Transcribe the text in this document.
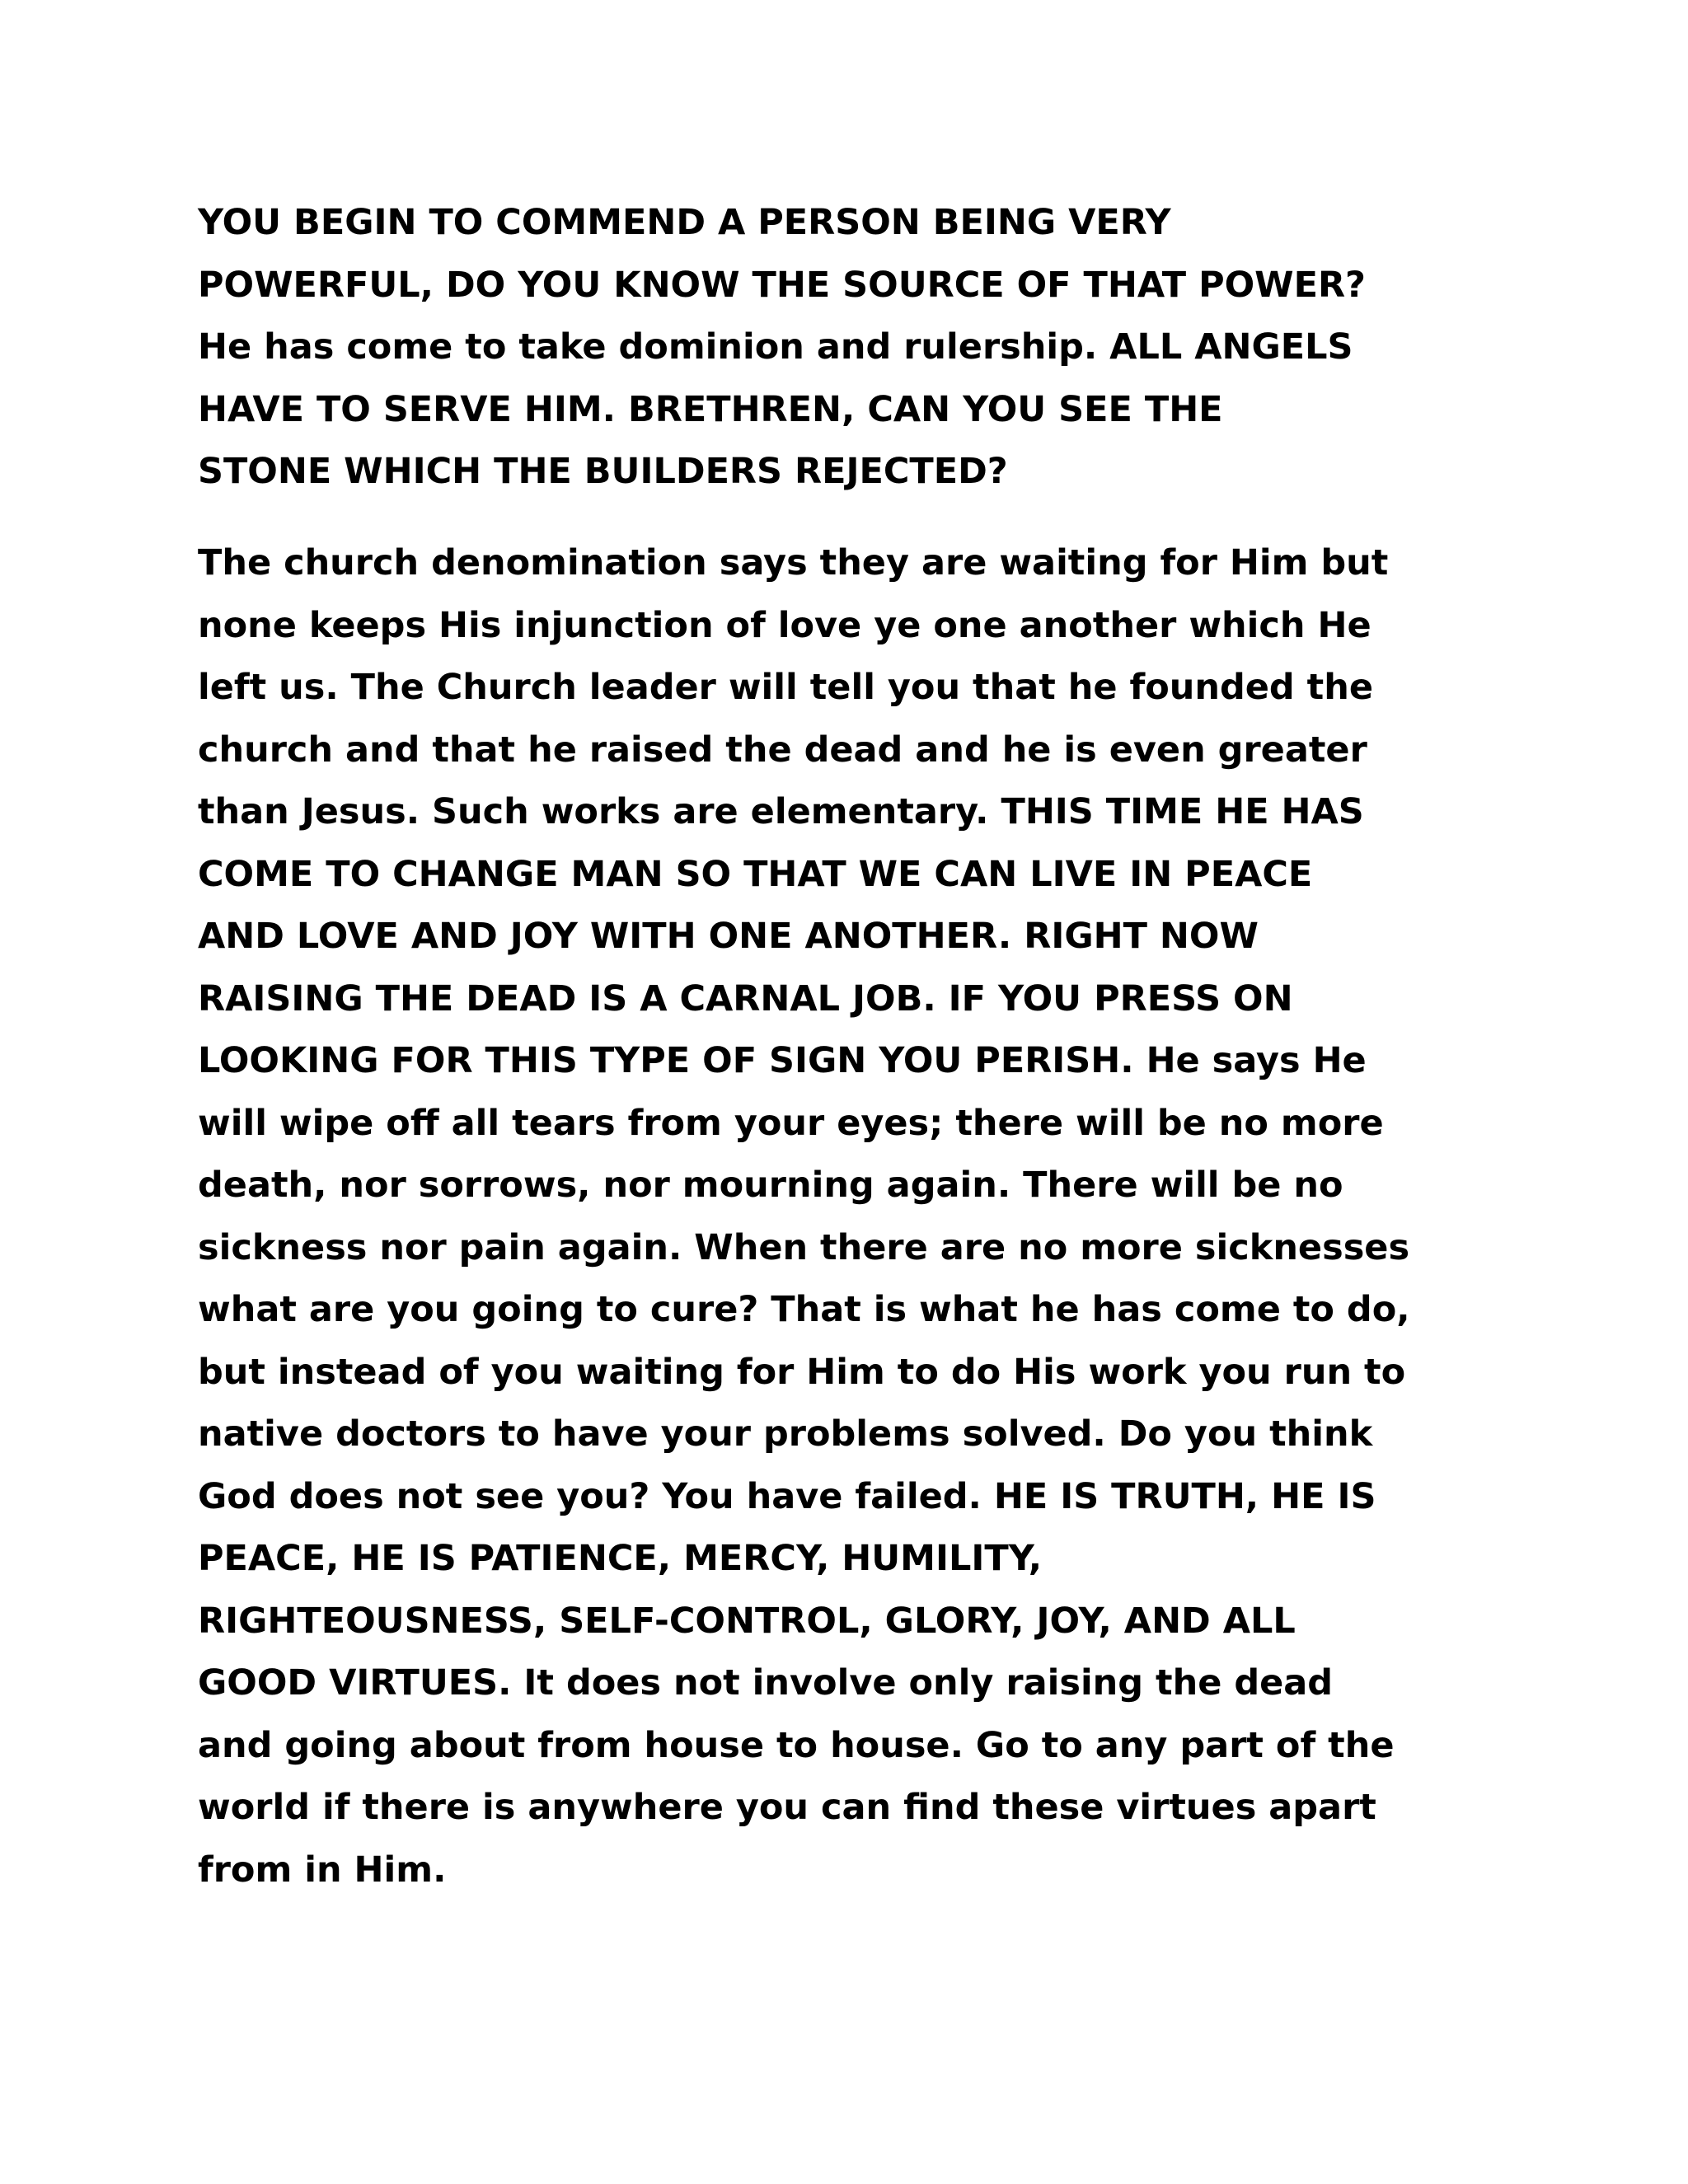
YOU BEGIN TO COMMEND A PERSON BEING VERY
POWERFUL, DO YOU KNOW THE SOURCE OF THAT POWER?
He has come to take dominion and rulership. ALL ANGELS
HAVE TO SERVE HIM. BRETHREN, CAN YOU SEE THE
STONE WHICH THE BUILDERS REJECTED?

The church denomination says they are waiting for Him but
none keeps His injunction of love ye one another which He
left us. The Church leader will tell you that he founded the
church and that he raised the dead and he is even greater
than Jesus. Such works are elementary. THIS TIME HE HAS
COME TO CHANGE MAN SO THAT WE CAN LIVE IN PEACE
AND LOVE AND JOY WITH ONE ANOTHER. RIGHT NOW
RAISING THE DEAD IS A CARNAL JOB. IF YOU PRESS ON
LOOKING FOR THIS TYPE OF SIGN YOU PERISH. He says He
will wipe off all tears from your eyes; there will be no more
death, nor sorrows, nor mourning again. There will be no
sickness nor pain again. When there are no more sicknesses
what are you going to cure? That is what he has come to do,
but instead of you waiting for Him to do His work you run to
native doctors to have your problems solved. Do you think
God does not see you? You have failed. HE IS TRUTH, HE IS
PEACE, HE IS PATIENCE, MERCY, HUMILITY,
RIGHTEOUSNESS, SELF-CONTROL, GLORY, JOY, AND ALL
GOOD VIRTUES. It does not involve only raising the dead
and going about from house to house. Go to any part of the
world if there is anywhere you can find these virtues apart
from in Him.
